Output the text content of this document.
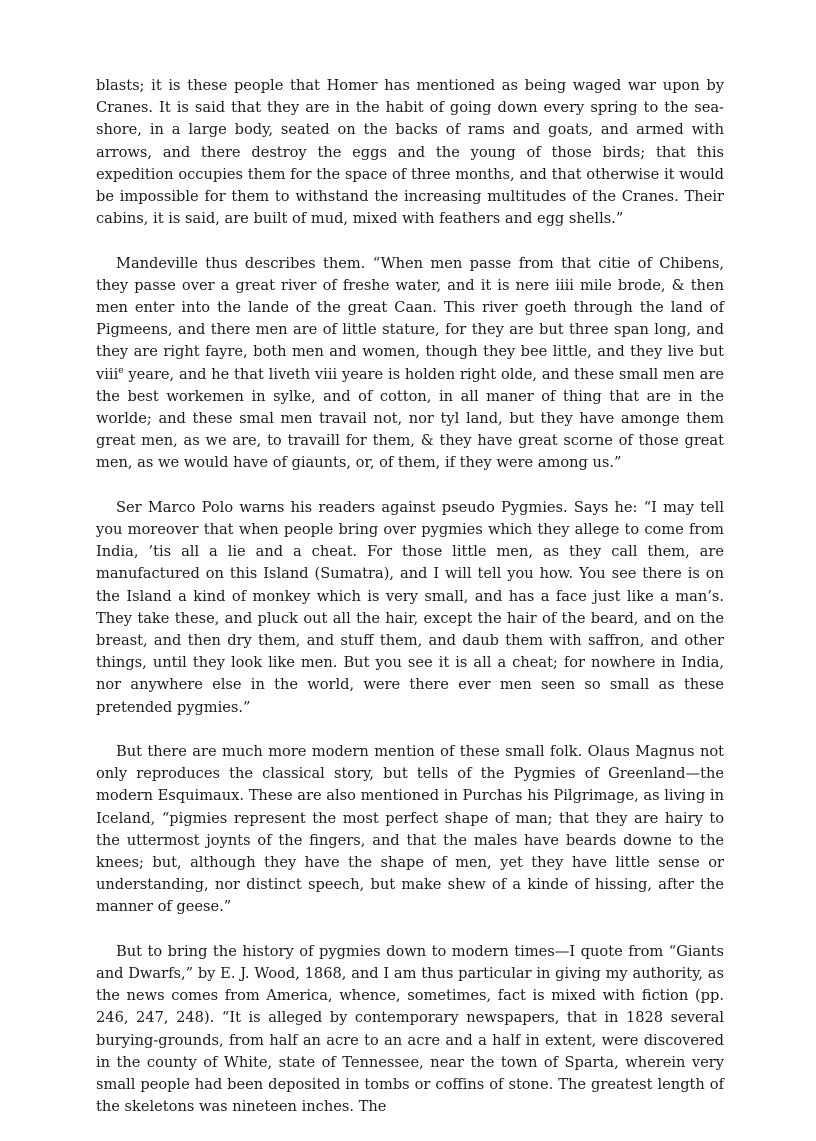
blasts; it is these people that Homer has mentioned as being waged war upon by Cranes. It is said that they are in the habit of going down every spring to the sea-shore, in a large body, seated on the backs of rams and goats, and armed with arrows, and there destroy the eggs and the young of those birds; that this expedition occupies them for the space of three months, and that otherwise it would be impossible for them to withstand the increasing multitudes of the Cranes. Their cabins, it is said, are built of mud, mixed with feathers and egg shells.”

Mandeville thus describes them. “When men passe from that citie of Chibens, they passe over a great river of freshe water, and it is nere iiii mile brode, & then men enter into the lande of the great Caan. This river goeth through the land of Pigmeens, and there men are of little stature, for they are but three span long, and they are right fayre, both men and women, though they bee little, and they live but viii$^e$ yeare, and he that liveth viii yeare is holden right olde, and these small men are the best workemen in sylke, and of cotton, in all maner of thing that are in the worlde; and these smal men travail not, nor tyl land, but they have amonge them great men, as we are, to travaill for them, & they have great scorne of those great men, as we would have of giaunts, or, of them, if they were among us.”

Ser Marco Polo warns his readers against pseudo Pygmies. Says he: “I may tell you moreover that when people bring over pygmies which they allege to come from India, ’tis all a lie and a cheat. For those little men, as they call them, are manufactured on this Island (Sumatra), and I will tell you how. You see there is on the Island a kind of monkey which is very small, and has a face just like a man’s. They take these, and pluck out all the hair, except the hair of the beard, and on the breast, and then dry them, and stuff them, and daub them with saffron, and other things, until they look like men. But you see it is all a cheat; for nowhere in India, nor anywhere else in the world, were there ever men seen so small as these pretended pygmies.”

But there are much more modern mention of these small folk. Olaus Magnus not only reproduces the classical story, but tells of the Pygmies of Greenland—the modern Esquimaux. These are also mentioned in Purchas his Pilgrimage, as living in Iceland, “pigmies represent the most perfect shape of man; that they are hairy to the uttermost joynts of the fingers, and that the males have beards downe to the knees; but, although they have the shape of men, yet they have little sense or understanding, nor distinct speech, but make shew of a kinde of hissing, after the manner of geese.”

But to bring the history of pygmies down to modern times—I quote from “Giants and Dwarfs,” by E. J. Wood, 1868, and I am thus particular in giving my authority, as the news comes from America, whence, sometimes, fact is mixed with fiction (pp. 246, 247, 248). “It is alleged by contemporary newspapers, that in 1828 several burying-grounds, from half an acre to an acre and a half in extent, were discovered in the county of White, state of Tennessee, near the town of Sparta, wherein very small people had been deposited in tombs or coffins of stone. The greatest length of the skeletons was nineteen inches. The
